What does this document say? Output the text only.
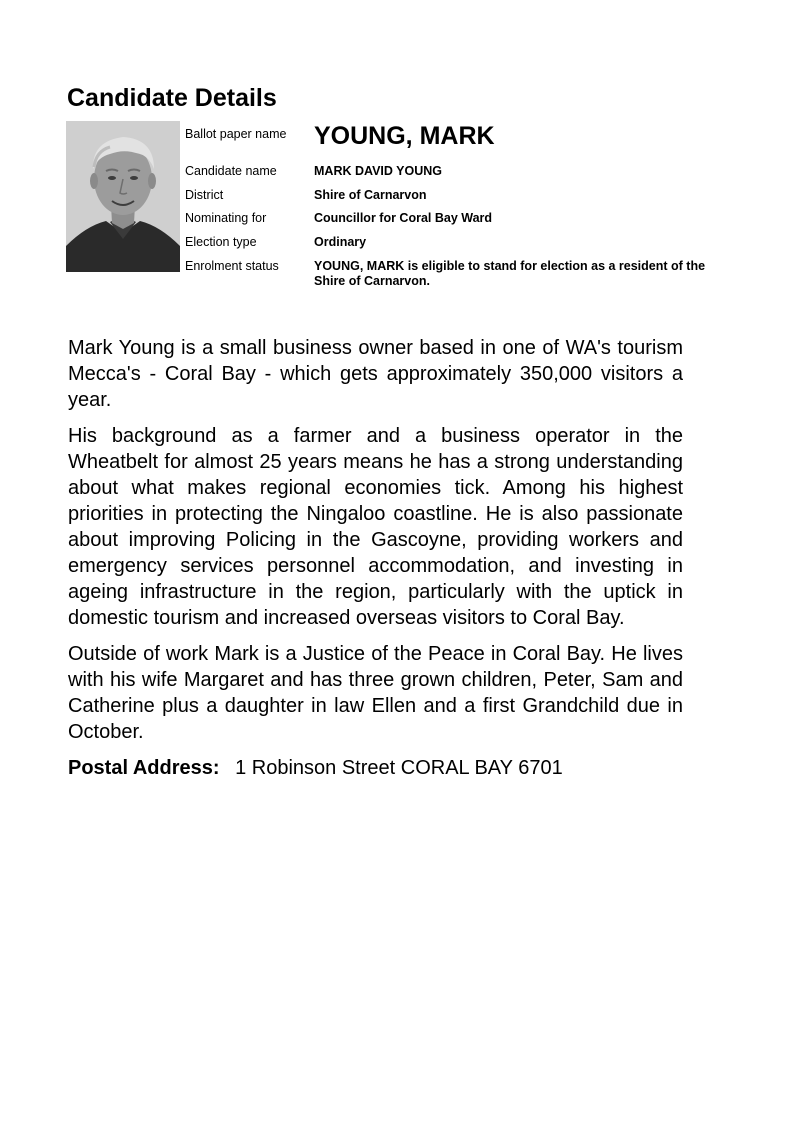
Candidate Details
Ballot paper name YOUNG, MARK
Candidate name	MARK DAVID YOUNG
District	Shire of Carnarvon
Nominating for	Councillor for Coral Bay Ward
Election type	Ordinary
Enrolment status	YOUNG, MARK is eligible to stand for election as a resident of the Shire of Carnarvon.

Mark Young is a small business owner based in one of WA's tourism Mecca's - Coral Bay - which gets approximately 350,000 visitors a year.

His background as a farmer and a business operator in the Wheatbelt for almost 25 years means he has a strong understanding about what makes regional economies tick. Among his highest priorities in protecting the Ningaloo coastline. He is also passionate about improving Policing in the Gascoyne, providing workers and emergency services personnel accommodation, and investing in ageing infrastructure in the region, particularly with the uptick in domestic tourism and increased overseas visitors to Coral Bay.

Outside of work Mark is a Justice of the Peace in Coral Bay. He lives with his wife Margaret and has three grown children, Peter, Sam and Catherine plus a daughter in law Ellen and a first Grandchild due in October.

Postal Address: 1 Robinson Street CORAL BAY 6701
